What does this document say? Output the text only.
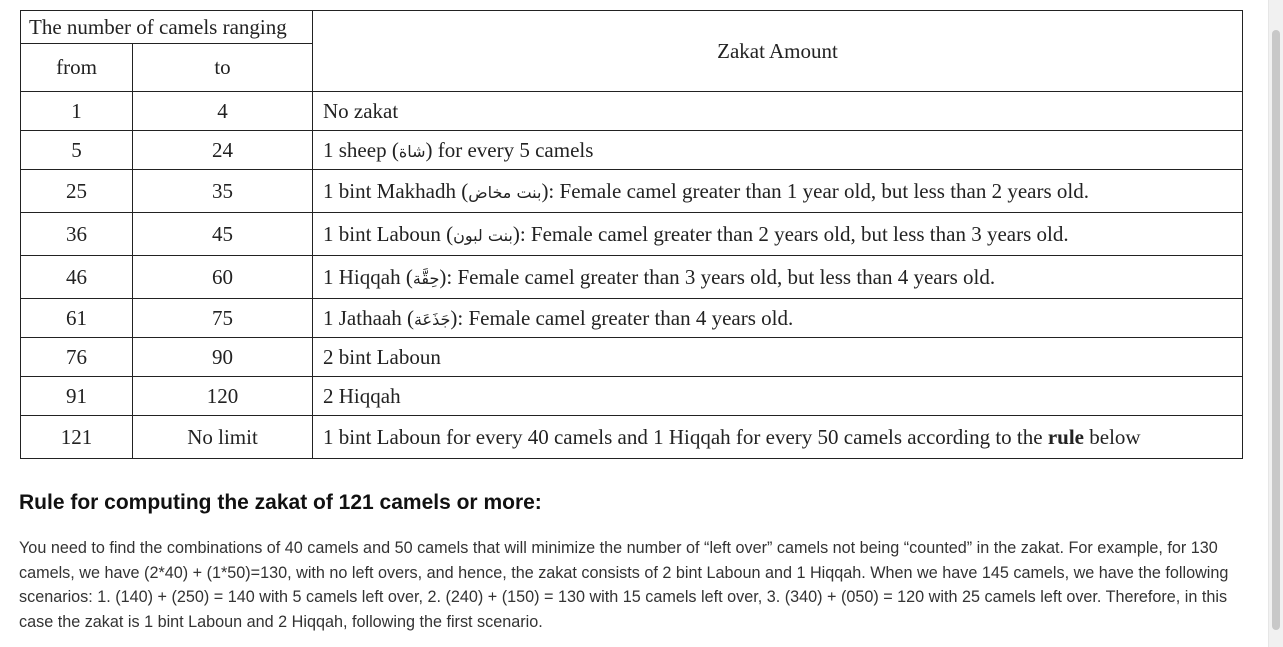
The number of camels ranging		Zakat Amount
from	to	
1	4	No zakat
5	24	1 sheep (شاة) for every 5 camels
25	35	1 bint Makhadh (بنت مخاض): Female camel greater than 1 year old, but less than 2 years old.
36	45	1 bint Laboun (بنت لبون): Female camel greater than 2 years old, but less than 3 years old.
46	60	1 Hiqqah (حِقَّة): Female camel greater than 3 years old, but less than 4 years old.
61	75	1 Jathaah (جَذَعَة): Female camel greater than 4 years old.
76	90	2 bint Laboun
91	120	2 Hiqqah
121	No limit	1 bint Laboun for every 40 camels and 1 Hiqqah for every 50 camels according to the rule below
Rule for computing the zakat of 121 camels or more:

You need to find the combinations of 40 camels and 50 camels that will minimize the number of “left over” camels not being “counted” in the zakat. For example, for 130 camels, we have (2*40) + (1*50)=130, with no left overs, and hence, the zakat consists of 2 bint Laboun and 1 Hiqqah. When we have 145 camels, we have the following scenarios: 1. (140) + (250) = 140 with 5 camels left over, 2. (240) + (150) = 130 with 15 camels left over, 3. (340) + (050) = 120 with 25 camels left over. Therefore, in this case the zakat is 1 bint Laboun and 2 Hiqqah, following the first scenario.
